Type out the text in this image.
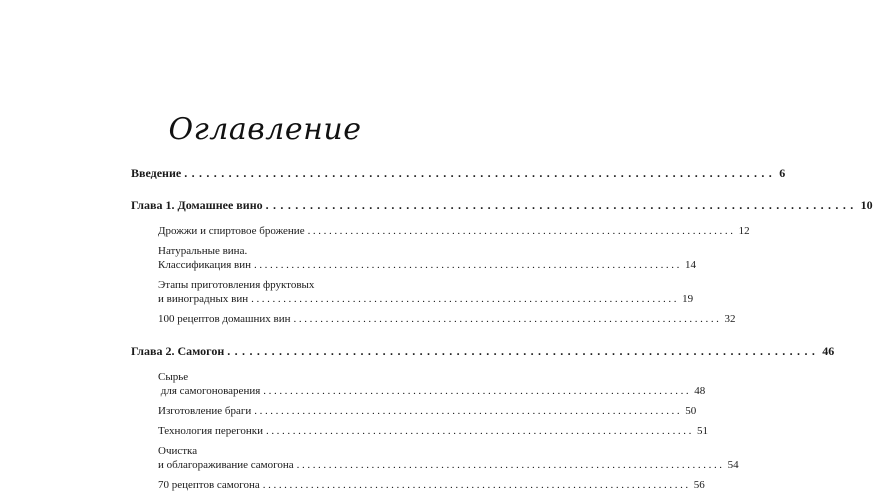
Оглавление
Введение ................................................................................ 6
Глава 1. Домашнее вино ................................................................................ 10
Дрожжи и спиртовое брожение ................................................................................ 12
Натуральные вина.
Классификация вин ................................................................................ 14
Этапы приготовления фруктовых
и виноградных вин ................................................................................ 19
100 рецептов домашних вин ................................................................................ 32
Глава 2. Самогон ................................................................................ 46
Сырье
для самогоноварения ................................................................................ 48
Изготовление браги ................................................................................ 50
Технология перегонки ................................................................................ 51
Очистка
и облагораживание самогона ................................................................................ 54
70 рецептов самогона ................................................................................ 56
